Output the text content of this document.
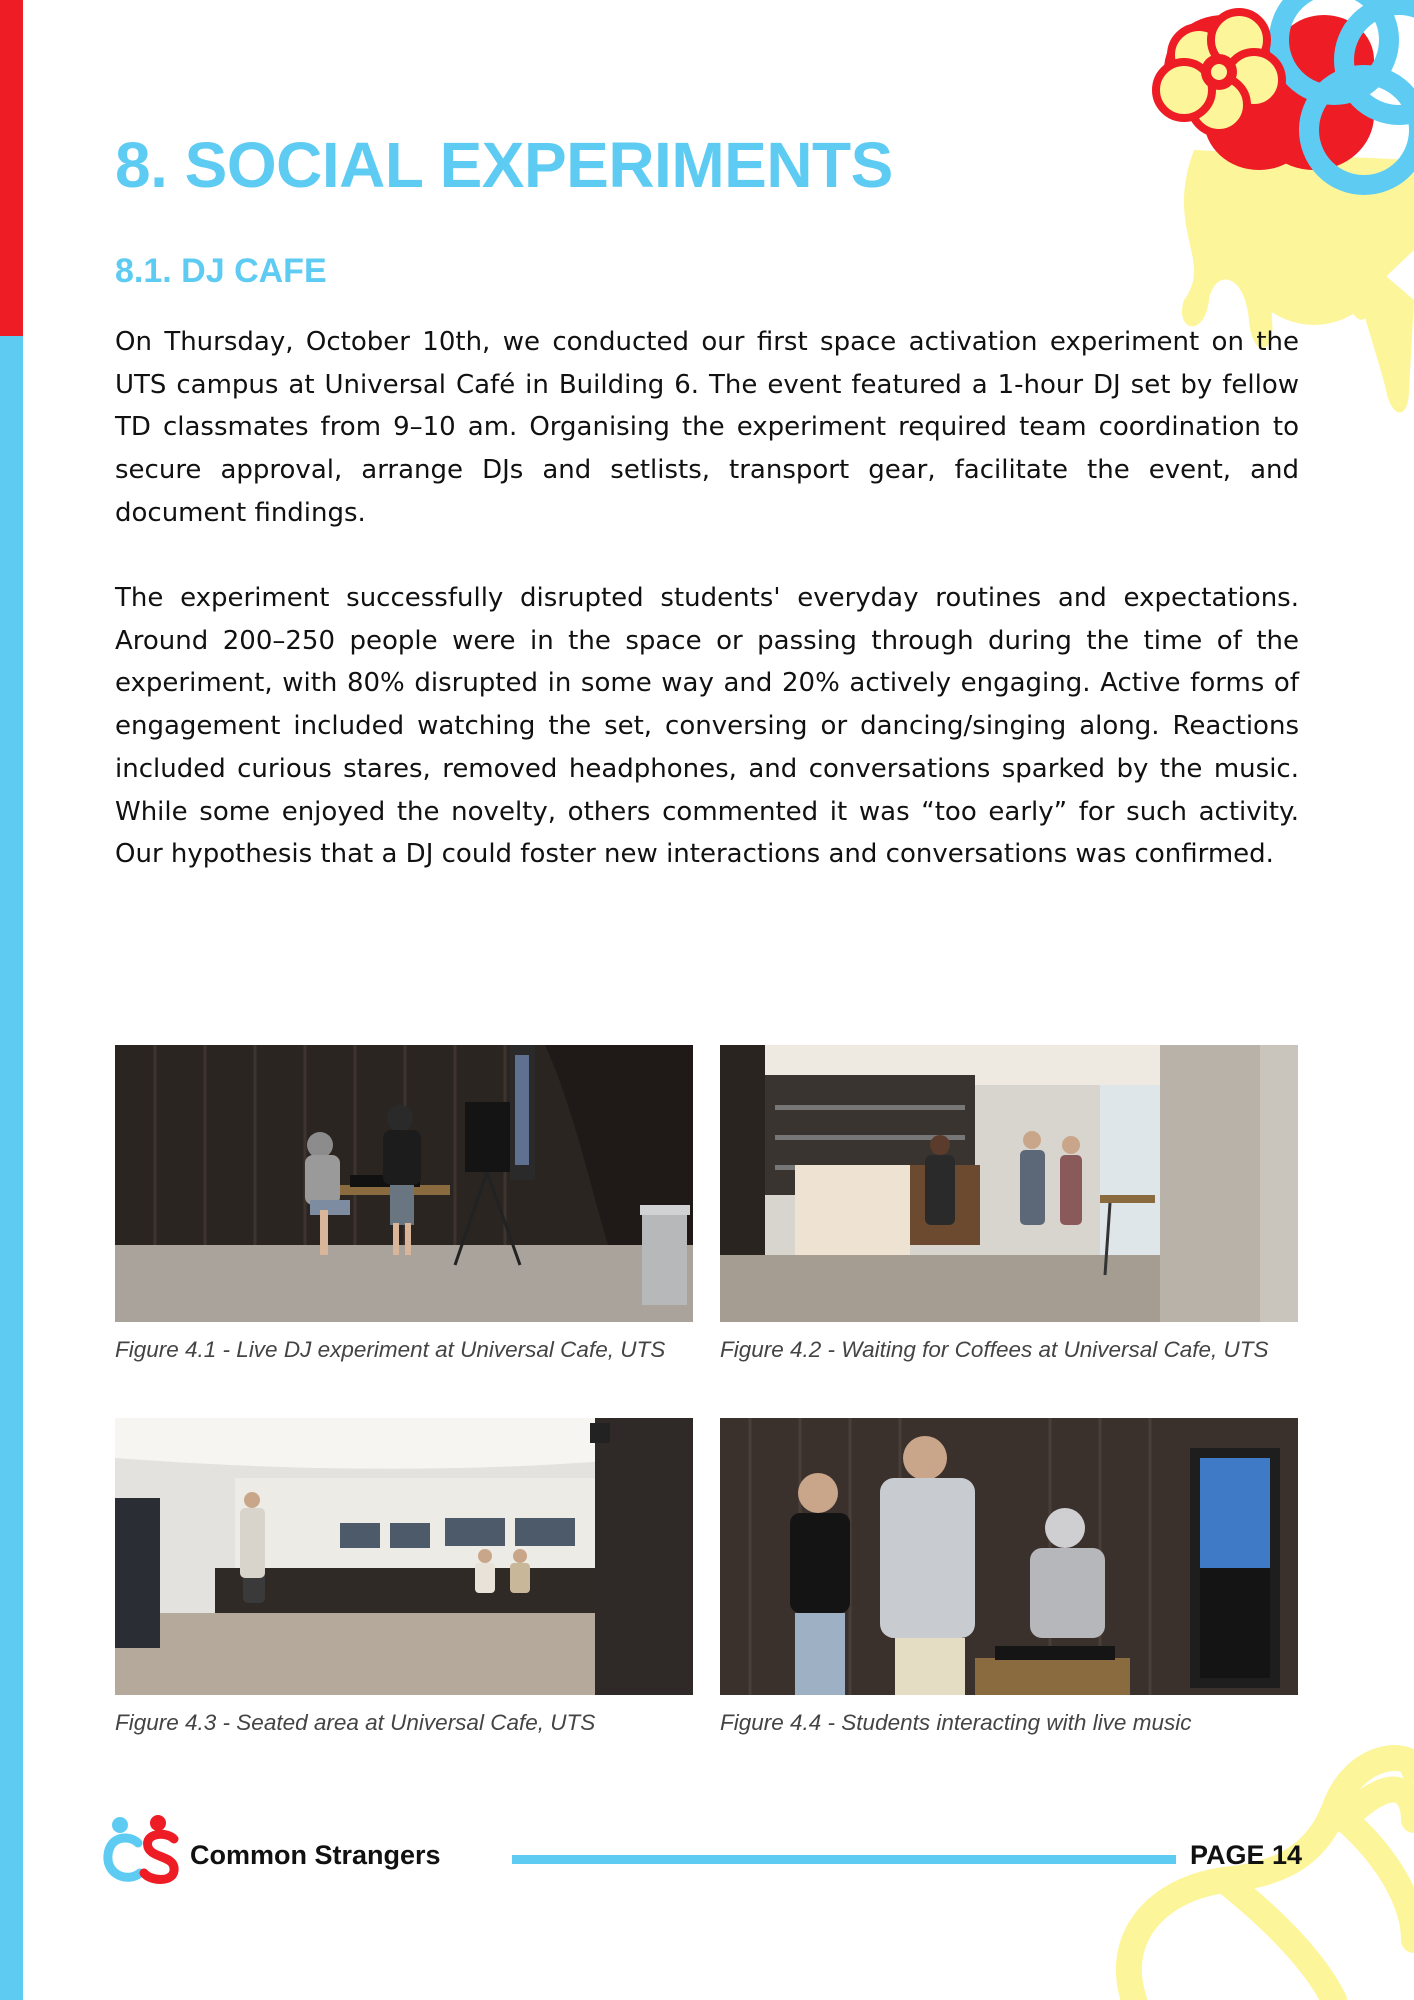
8. SOCIAL EXPERIMENTS
8.1. DJ CAFE

On Thursday, October 10th, we conducted our first space activation experiment on the UTS campus at Universal Café in Building 6. The event featured a 1-hour DJ set by fellow TD classmates from 9–10 am. Organising the experiment required team coordination to secure approval, arrange DJs and setlists, transport gear, facilitate the event, and document findings.

The experiment successfully disrupted students' everyday routines and expectations. Around 200–250 people were in the space or passing through during the time of the experiment, with 80% disrupted in some way and 20% actively engaging. Active forms of engagement included watching the set, conversing or dancing/singing along. Reactions included curious stares, removed headphones, and conversations sparked by the music. While some enjoyed the novelty, others commented it was “too early” for such activity. Our hypothesis that a DJ could foster new interactions and conversations was confirmed.

Figure 4.1 - Live DJ experiment at Universal Cafe, UTS	Figure 4.2 - Waiting for Coffees at Universal Cafe, UTS

Figure 4.3 - Seated area at Universal Cafe, UTS	Figure 4.4 - Students interacting with live music

Common Strangers	PAGE 14
